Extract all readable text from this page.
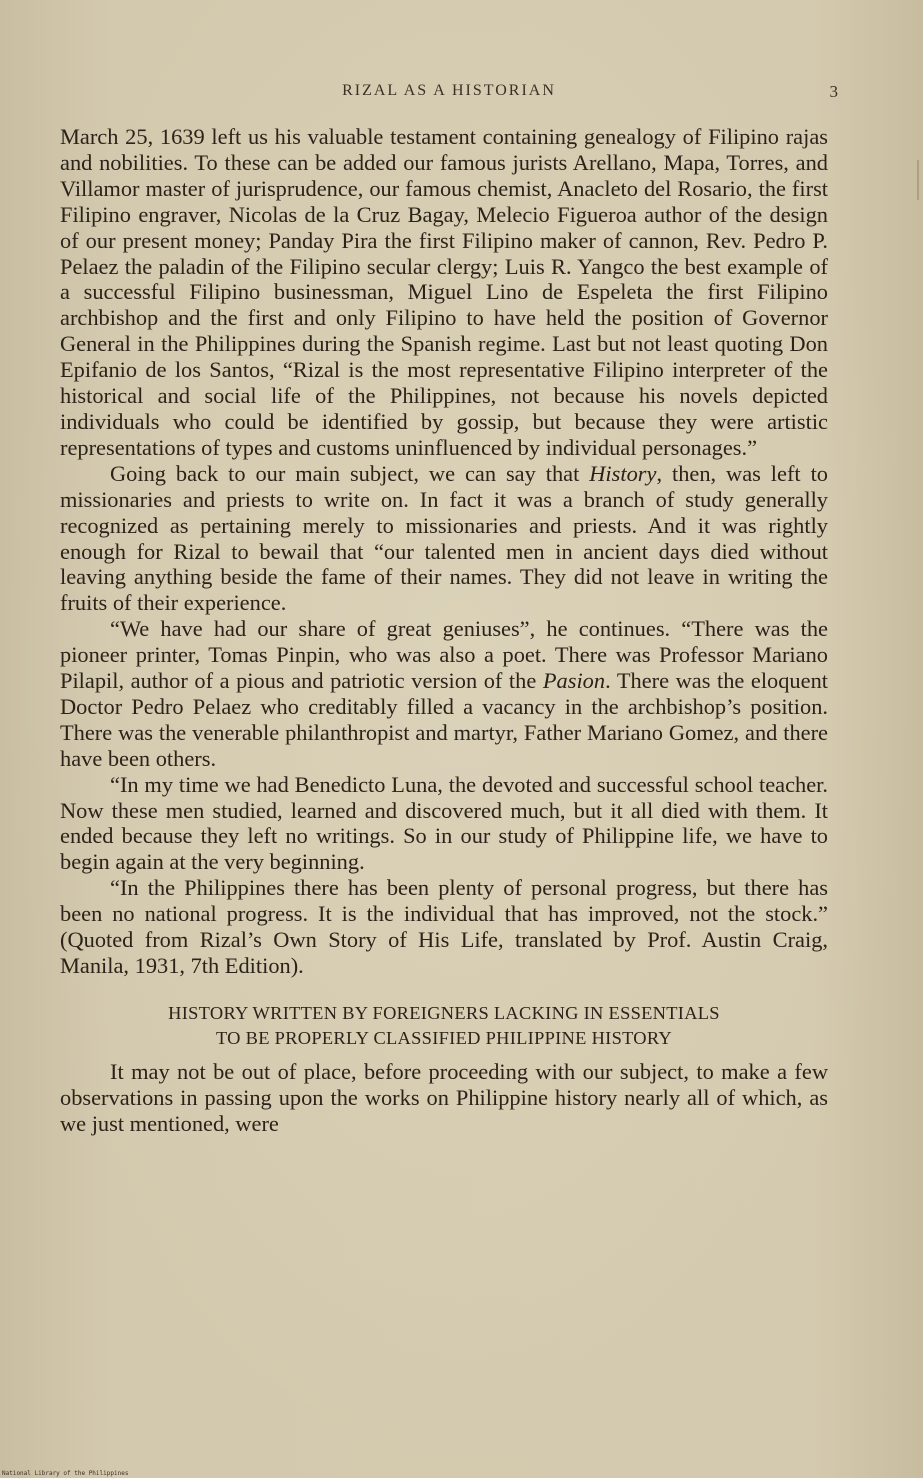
RIZAL AS A HISTORIAN	3

March 25, 1639 left us his valuable testament containing genealogy of Filipino rajas and nobilities. To these can be added our famous jurists Arellano, Mapa, Torres, and Villamor master of jurisprudence, our famous chemist, Anacleto del Rosario, the first Filipino engraver, Nicolas de la Cruz Bagay, Melecio Figueroa author of the design of our present money; Panday Pira the first Filipino maker of cannon, Rev. Pedro P. Pelaez the paladin of the Filipino secular clergy; Luis R. Yangco the best example of a successful Filipino businessman, Miguel Lino de Espeleta the first Filipino archbishop and the first and only Filipino to have held the position of Governor General in the Philippines during the Spanish regime. Last but not least quoting Don Epifanio de los Santos, “Rizal is the most representative Filipino interpreter of the historical and social life of the Philippines, not because his novels depicted individuals who could be identified by gossip, but because they were artistic representations of types and customs uninfluenced by individual personages.”

Going back to our main subject, we can say that History, then, was left to missionaries and priests to write on. In fact it was a branch of study generally recognized as pertaining merely to missionaries and priests. And it was rightly enough for Rizal to bewail that “our talented men in ancient days died without leaving anything beside the fame of their names. They did not leave in writing the fruits of their experience.

“We have had our share of great geniuses”, he continues. “There was the pioneer printer, Tomas Pinpin, who was also a poet. There was Professor Mariano Pilapil, author of a pious and patriotic version of the Pasion. There was the eloquent Doctor Pedro Pelaez who creditably filled a vacancy in the archbishop’s position. There was the venerable philanthropist and martyr, Father Mariano Gomez, and there have been others.

“In my time we had Benedicto Luna, the devoted and successful school teacher. Now these men studied, learned and discovered much, but it all died with them. It ended because they left no writings. So in our study of Philippine life, we have to begin again at the very beginning.

“In the Philippines there has been plenty of personal progress, but there has been no national progress. It is the individual that has improved, not the stock.” (Quoted from Rizal’s Own Story of His Life, translated by Prof. Austin Craig, Manila, 1931, 7th Edition).

HISTORY WRITTEN BY FOREIGNERS LACKING IN ESSENTIALS
TO BE PROPERLY CLASSIFIED PHILIPPINE HISTORY

It may not be out of place, before proceeding with our subject, to make a few observations in passing upon the works on Philippine history nearly all of which, as we just mentioned, were

National Library of the Philippines
